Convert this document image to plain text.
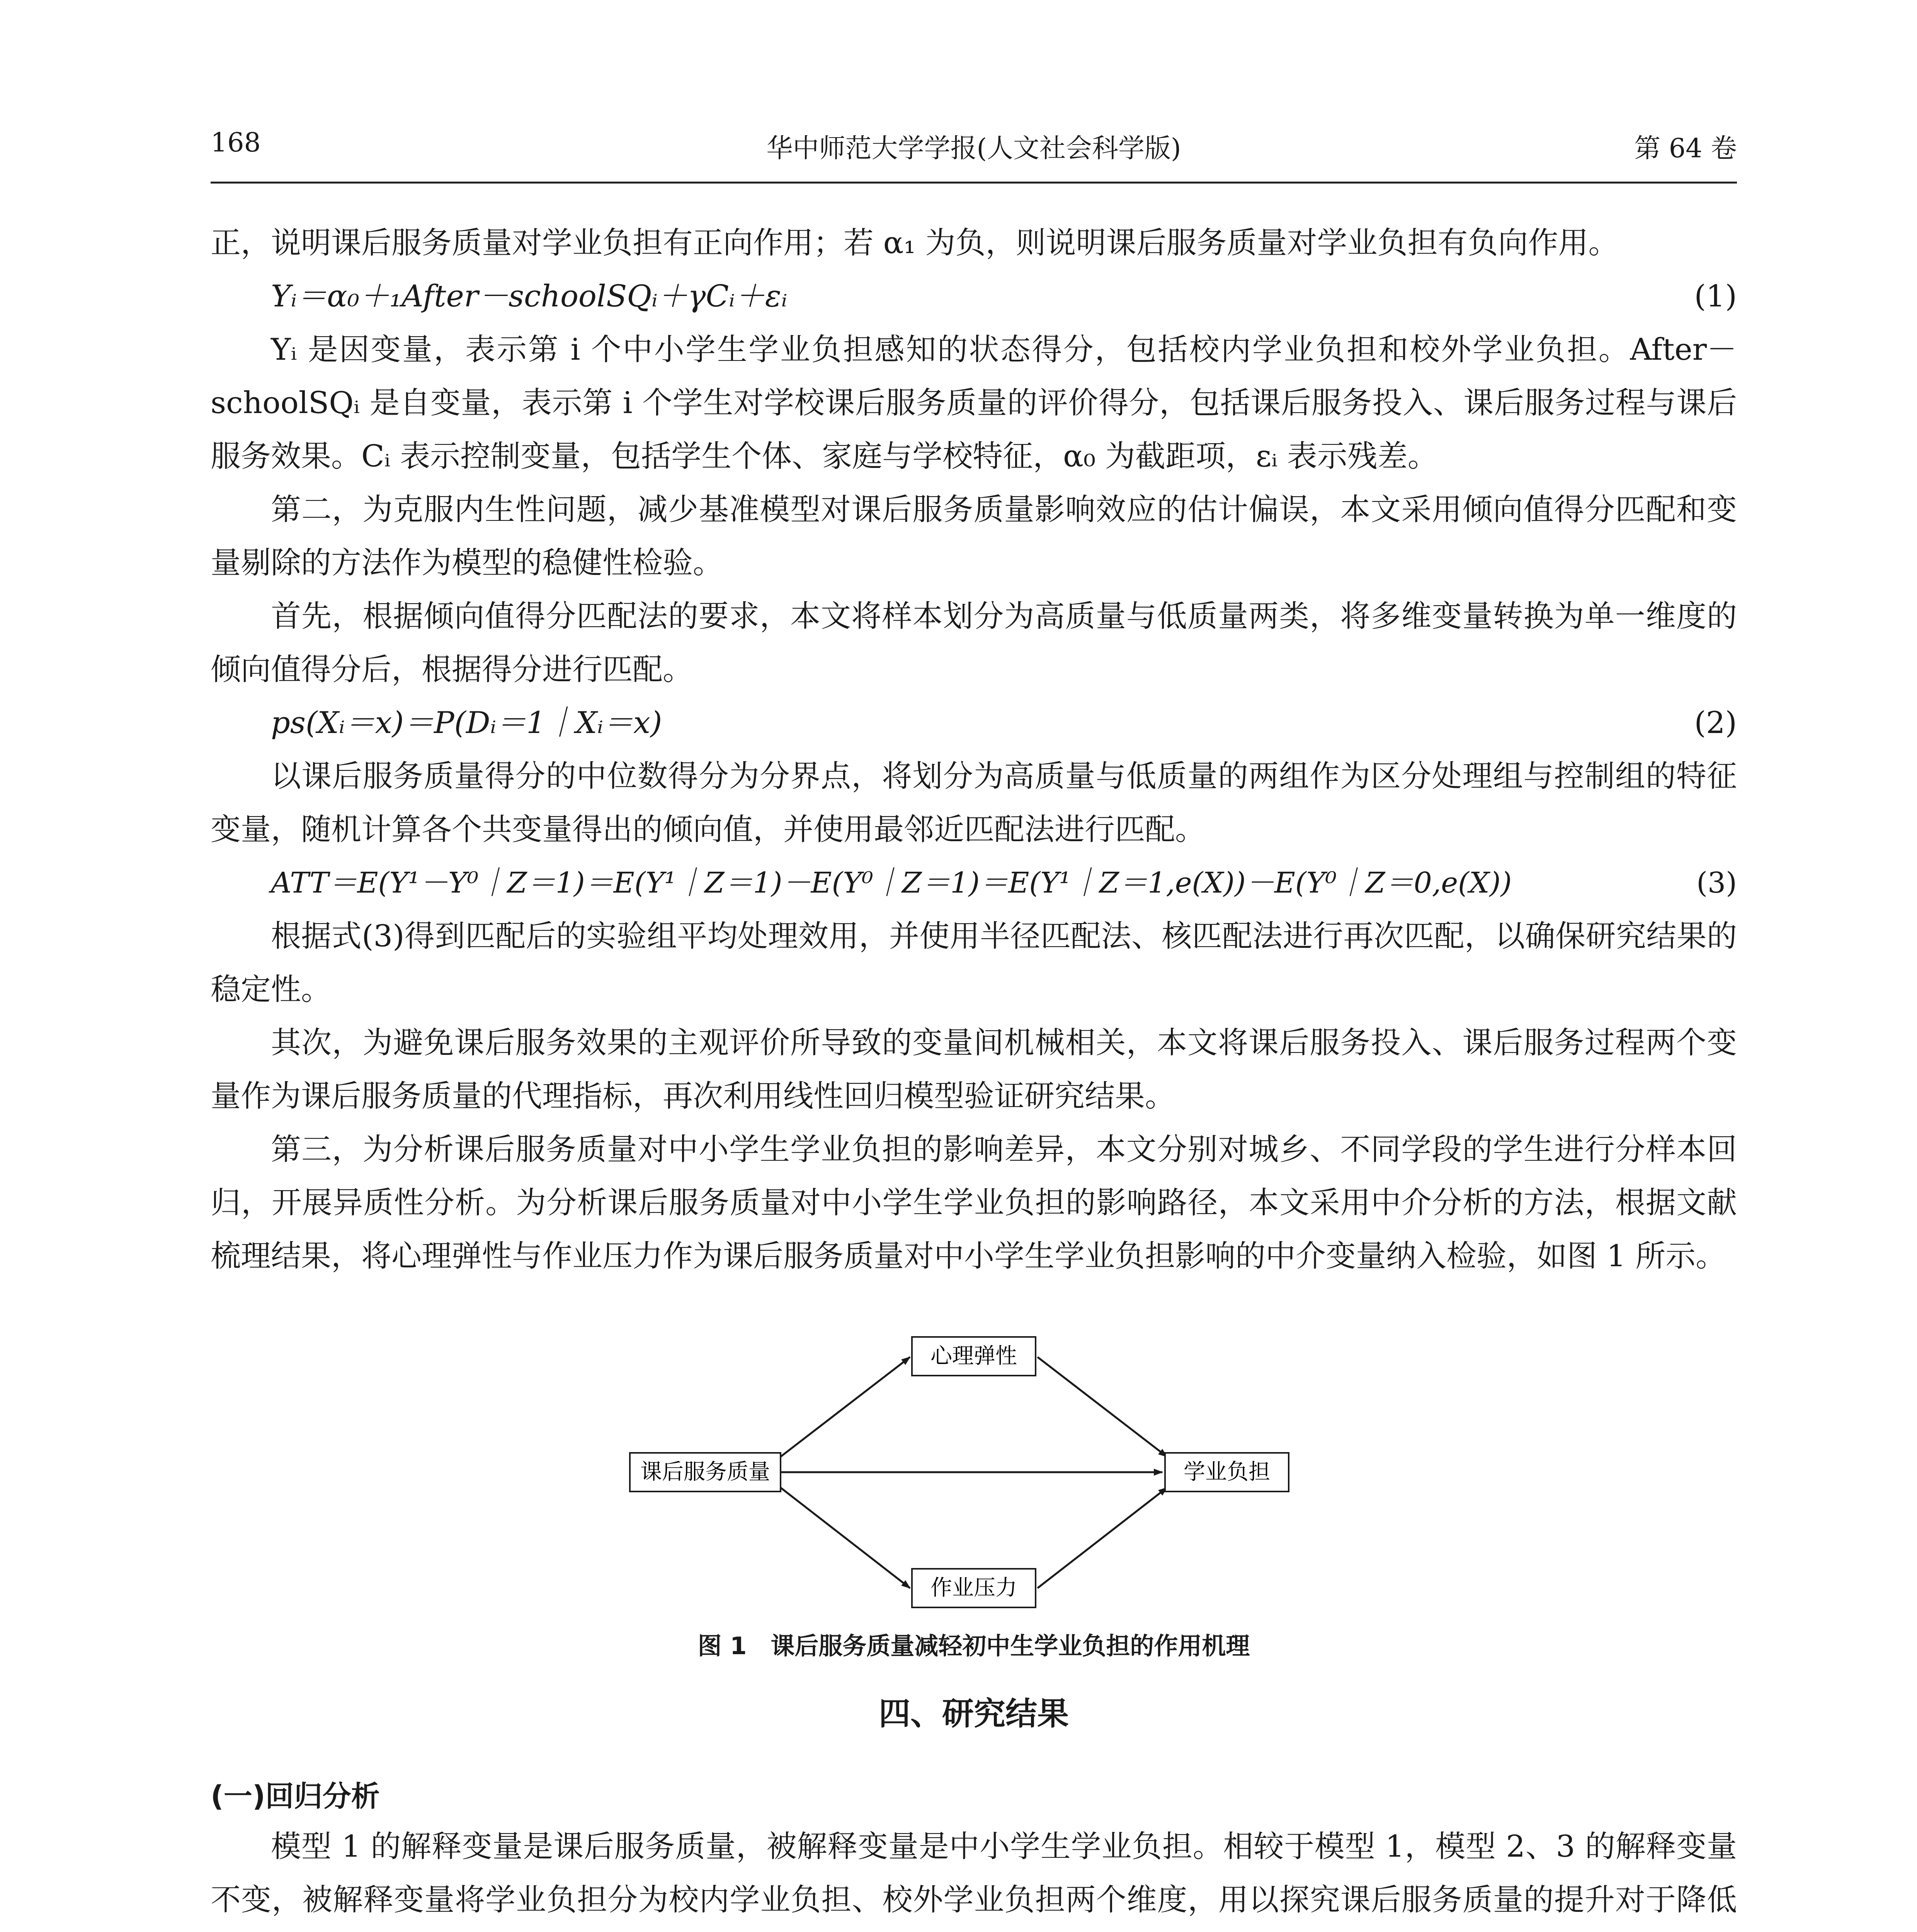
168	华中师范大学学报(人文社会科学版)	第 64 卷

正，说明课后服务质量对学业负担有正向作用；若 α₁ 为负，则说明课后服务质量对学业负担有负向作用。

Yᵢ＝α₀＋₁After－schoolSQᵢ＋γCᵢ＋εᵢ	(1)

Yᵢ 是因变量，表示第 i 个中小学生学业负担感知的状态得分，包括校内学业负担和校外学业负担。After－schoolSQᵢ 是自变量，表示第 i 个学生对学校课后服务质量的评价得分，包括课后服务投入、课后服务过程与课后服务效果。Cᵢ 表示控制变量，包括学生个体、家庭与学校特征，α₀ 为截距项，εᵢ 表示残差。

第二，为克服内生性问题，减少基准模型对课后服务质量影响效应的估计偏误，本文采用倾向值得分匹配和变量剔除的方法作为模型的稳健性检验。

首先，根据倾向值得分匹配法的要求，本文将样本划分为高质量与低质量两类，将多维变量转换为单一维度的倾向值得分后，根据得分进行匹配。

ps(Xᵢ＝x)＝P(Dᵢ＝1｜Xᵢ＝x)	(2)

以课后服务质量得分的中位数得分为分界点，将划分为高质量与低质量的两组作为区分处理组与控制组的特征变量，随机计算各个共变量得出的倾向值，并使用最邻近匹配法进行匹配。

ATT＝E(Y¹－Y⁰｜Z＝1)＝E(Y¹｜Z＝1)－E(Y⁰｜Z＝1)＝E(Y¹｜Z＝1,e(X))－E(Y⁰｜Z＝0,e(X))	(3)

根据式(3)得到匹配后的实验组平均处理效用，并使用半径匹配法、核匹配法进行再次匹配，以确保研究结果的稳定性。

其次，为避免课后服务效果的主观评价所导致的变量间机械相关，本文将课后服务投入、课后服务过程两个变量作为课后服务质量的代理指标，再次利用线性回归模型验证研究结果。

第三，为分析课后服务质量对中小学生学业负担的影响差异，本文分别对城乡、不同学段的学生进行分样本回归，开展异质性分析。为分析课后服务质量对中小学生学业负担的影响路径，本文采用中介分析的方法，根据文献梳理结果，将心理弹性与作业压力作为课后服务质量对中小学生学业负担影响的中介变量纳入检验，如图 1 所示。

课后服务质量
心理弹性
学业负担
作业压力
图 1　课后服务质量减轻初中生学业负担的作用机理
四、研究结果
(一)回归分析

模型 1 的解释变量是课后服务质量，被解释变量是中小学生学业负担。相较于模型 1，模型 2、3 的解释变量不变，被解释变量将学业负担分为校内学业负担、校外学业负担两个维度，用以探究课后服务质量的提升对于降低
